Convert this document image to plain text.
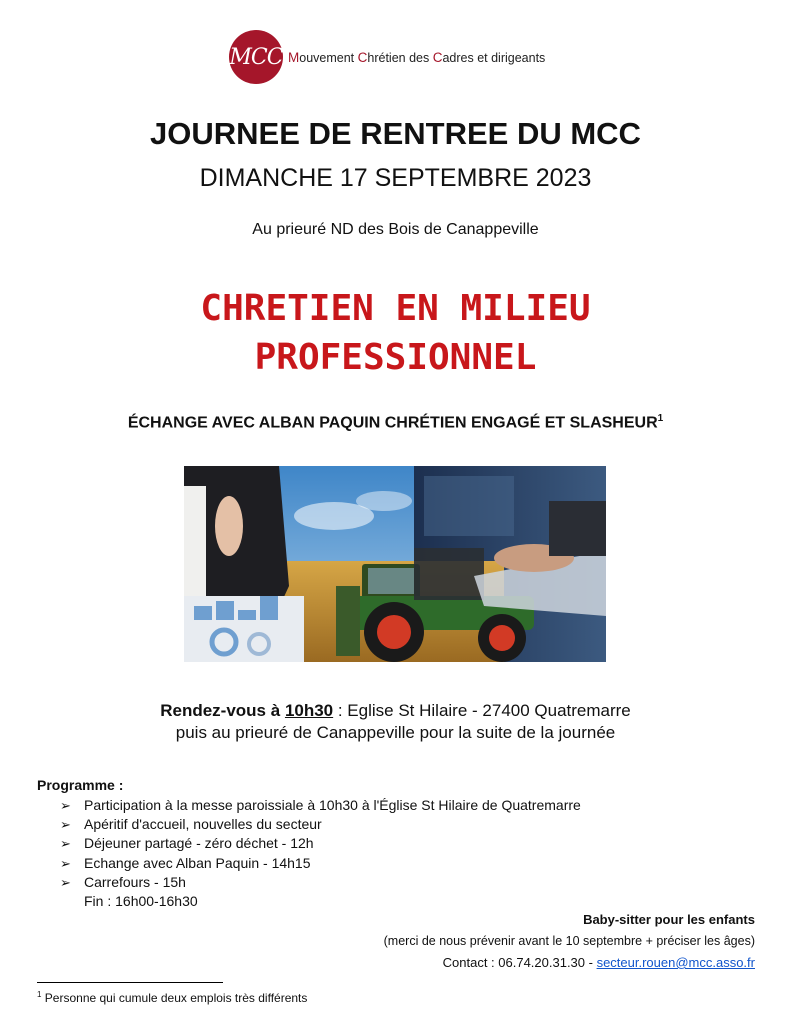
MCC Mouvement Chrétien des Cadres et dirigeants
JOURNEE DE RENTREE DU MCC
DIMANCHE 17 SEPTEMBRE 2023
Au prieuré ND des Bois de Canappeville
CHRETIEN EN MILIEU
PROFESSIONNEL
ÉCHANGE AVEC ALBAN PAQUIN CHRÉTIEN ENGAGÉ ET SLASHEUR$^1$
Rendez-vous à 10h30 : Eglise St Hilaire - 27400 Quatremarre
puis au prieuré de Canappeville pour la suite de la journée
Programme :
➢ Participation à la messe paroissiale à 10h30 à l'Église St Hilaire de Quatremarre
➢ Apéritif d'accueil, nouvelles du secteur
➢ Déjeuner partagé - zéro déchet - 12h
➢ Echange avec Alban Paquin - 14h15
➢ Carrefours - 15h
Fin : 16h00-16h30
Baby-sitter pour les enfants
(merci de nous prévenir avant le 10 septembre + préciser les âges)
Contact : 06.74.20.31.30 - secteur.rouen@mcc.asso.fr
$^1$ Personne qui cumule deux emplois très différents
